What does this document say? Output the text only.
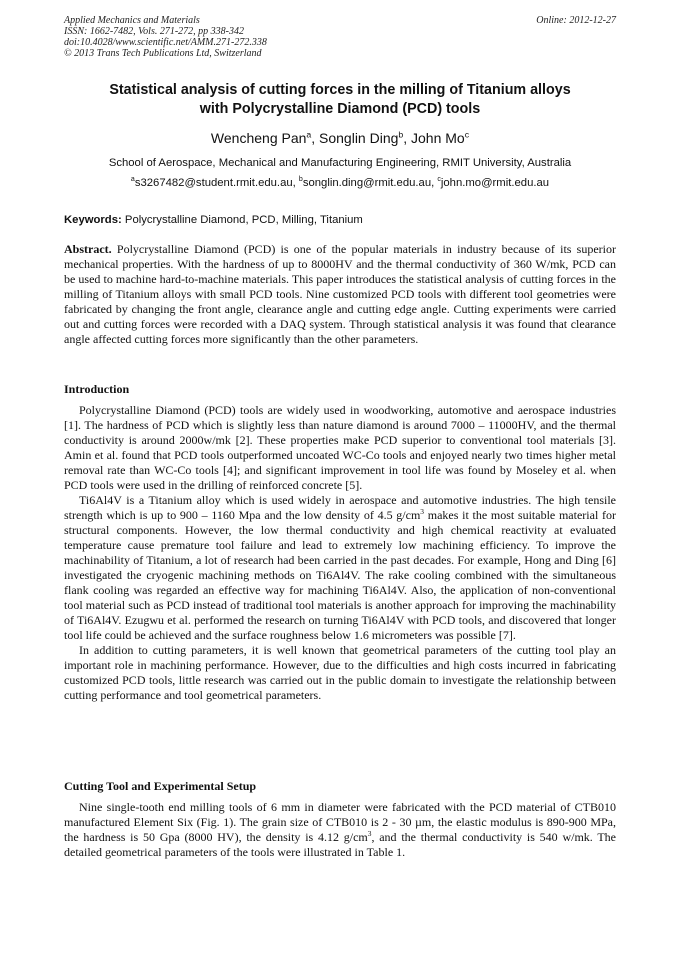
Applied Mechanics and Materials
ISSN: 1662-7482, Vols. 271-272, pp 338-342
doi:10.4028/www.scientific.net/AMM.271-272.338
© 2013 Trans Tech Publications Ltd, Switzerland
Online: 2012-12-27
Statistical analysis of cutting forces in the milling of Titanium alloys
with Polycrystalline Diamond (PCD) tools
Wencheng Pan$^a$, Songlin Ding$^b$, John Mo$^c$
School of Aerospace, Mechanical and Manufacturing Engineering, RMIT University, Australia
$^a$s3267482@student.rmit.edu.au, $^b$songlin.ding@rmit.edu.au, $^c$john.mo@rmit.edu.au
Keywords: Polycrystalline Diamond, PCD, Milling, Titanium

Abstract. Polycrystalline Diamond (PCD) is one of the popular materials in industry because of its superior mechanical properties. With the hardness of up to 8000HV and the thermal conductivity of 360 W/mk, PCD can be used to machine hard-to-machine materials. This paper introduces the statistical analysis of cutting forces in the milling of Titanium alloys with small PCD tools. Nine customized PCD tools with different tool geometries were fabricated by changing the front angle, clearance angle and cutting edge angle. Cutting experiments were carried out and cutting forces were recorded with a DAQ system. Through statistical analysis it was found that clearance angle affected cutting forces more significantly than the other parameters.

Introduction

Polycrystalline Diamond (PCD) tools are widely used in woodworking, automotive and aerospace industries [1]. The hardness of PCD which is slightly less than nature diamond is around 7000 – 11000HV, and the thermal conductivity is around 2000w/mk [2]. These properties make PCD superior to conventional tool materials [3]. Amin et al. found that PCD tools outperformed uncoated WC-Co tools and enjoyed nearly two times higher metal removal rate than WC-Co tools [4]; and significant improvement in tool life was found by Moseley et al. when PCD tools were used in the drilling of reinforced concrete [5].

Ti6Al4V is a Titanium alloy which is used widely in aerospace and automotive industries. The high tensile strength which is up to 900 – 1160 Mpa and the low density of 4.5 $g/cm^3$ makes it the most suitable material for structural components. However, the low thermal conductivity and high chemical reactivity at evaluated temperature cause premature tool failure and lead to extremely low machining efficiency. To improve the machinability of Titanium, a lot of research had been carried in the past decades. For example, Hong and Ding [6] investigated the cryogenic machining methods on Ti6Al4V. The rake cooling combined with the simultaneous flank cooling was regarded an effective way for machining Ti6Al4V. Also, the application of non-conventional tool material such as PCD instead of traditional tool materials is another approach for improving the machinability of Ti6Al4V. Ezugwu et al. performed the research on turning Ti6Al4V with PCD tools, and discovered that longer tool life could be achieved and the surface roughness below 1.6 micrometers was possible [7].

In addition to cutting parameters, it is well known that geometrical parameters of the cutting tool play an important role in machining performance. However, due to the difficulties and high costs incurred in fabricating customized PCD tools, little research was carried out in the public domain to investigate the relationship between cutting performance and tool geometrical parameters.

Cutting Tool and Experimental Setup

Nine single-tooth end milling tools of 6 mm in diameter were fabricated with the PCD material of CTB010 manufactured Element Six (Fig. 1). The grain size of CTB010 is 2 - 30 µm, the elastic modulus is 890-900 MPa, the hardness is 50 Gpa (8000 HV), the density is 4.12 $g/cm^3$, and the thermal conductivity is 540 w/mk. The detailed geometrical parameters of the tools were illustrated in Table 1.
